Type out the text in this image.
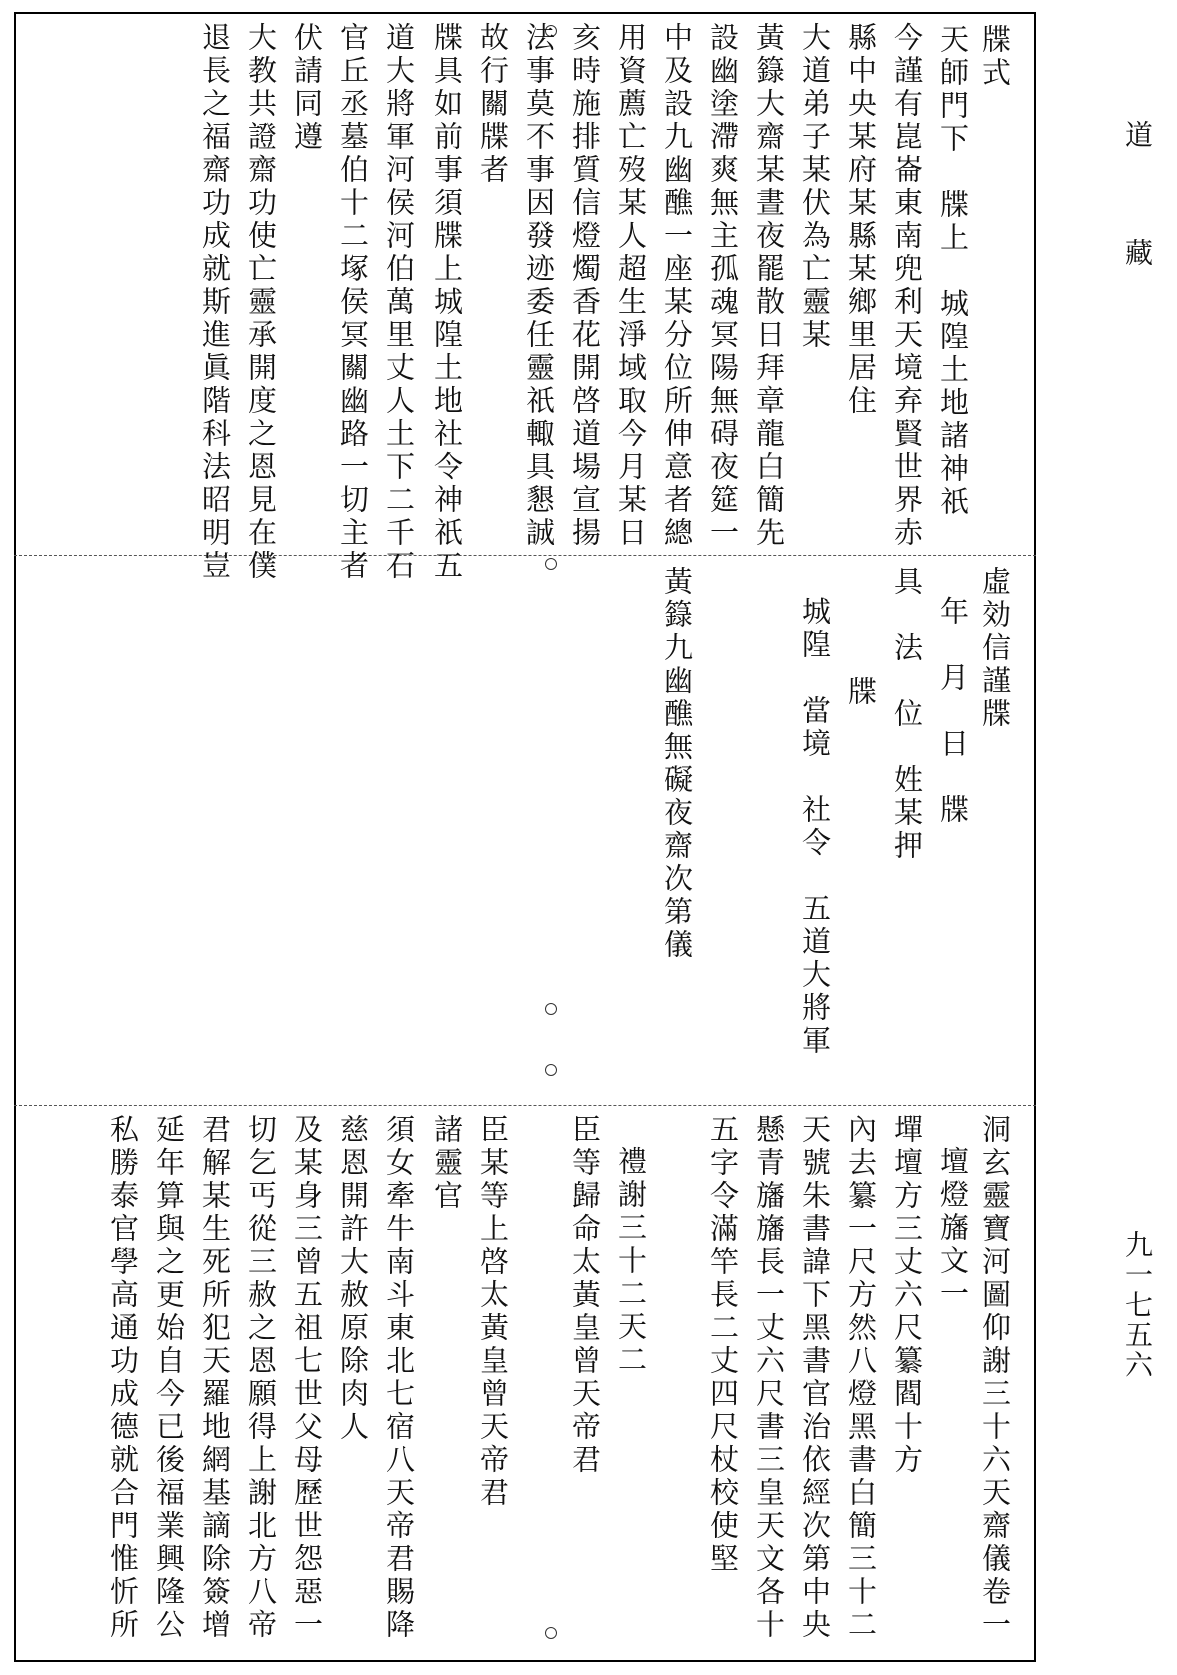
道藏
九一七五六
牒式
天師門下　牒上　城隍土地諸神祇
今謹有崑崙東南兜利天境弃賢世界赤
縣中央某府某縣某鄉里居住
大道弟子某伏為亡靈某
黃籙大齋某晝夜罷散日拜章龍白簡先
設幽塗滯爽無主孤魂冥陽無碍夜筵一
中及設九幽醮一座某分位所伸意者總
用資薦亡歿某人超生淨域取今月某日
亥時施排質信燈燭香花開啓道場宣揚
法事莫不事因發迹委任靈祇輙具懇誠
故行關牒者
牒具如前事須牒上城隍土地社令神祇五
道大將軍河侯河伯萬里丈人土下二千石
官丘丞墓伯十二塚侯冥關幽路一切主者
伏請同遵
大教共證齋功使亡靈承開度之恩見在僕
退長之福齋功成就斯進眞階科法昭明豈
虛効信謹牒
年　月　日　牒
具　法　位　姓某押
牒
城隍　當境　社令　五道大將軍
黃籙九幽醮無礙夜齋次第儀
洞玄靈寶河圖仰謝三十六天齋儀卷一
壇燈旛文一
墠壇方三丈六尺纂閻十方
內去纂一尺方然八燈黑書白簡三十二
天號朱書諱下黑書官治依經次第中央
懸青旛旛長一丈六尺書三皇天文各十
五字令滿竿長二丈四尺杖校使堅
禮謝三十二天二
臣等歸命太黃皇曾天帝君
臣某等上啓太黃皇曾天帝君
諸靈官
須女牽牛南斗東北七宿八天帝君賜降
慈恩開許大赦原除肉人
及某身三曾五祖七世父母歷世怨惡一
切乞丐從三赦之恩願得上謝北方八帝
君解某生死所犯天羅地網基謫除簽增
延年算與之更始自今已後福業興隆公
私勝泰官學高通功成德就合門惟忻所
